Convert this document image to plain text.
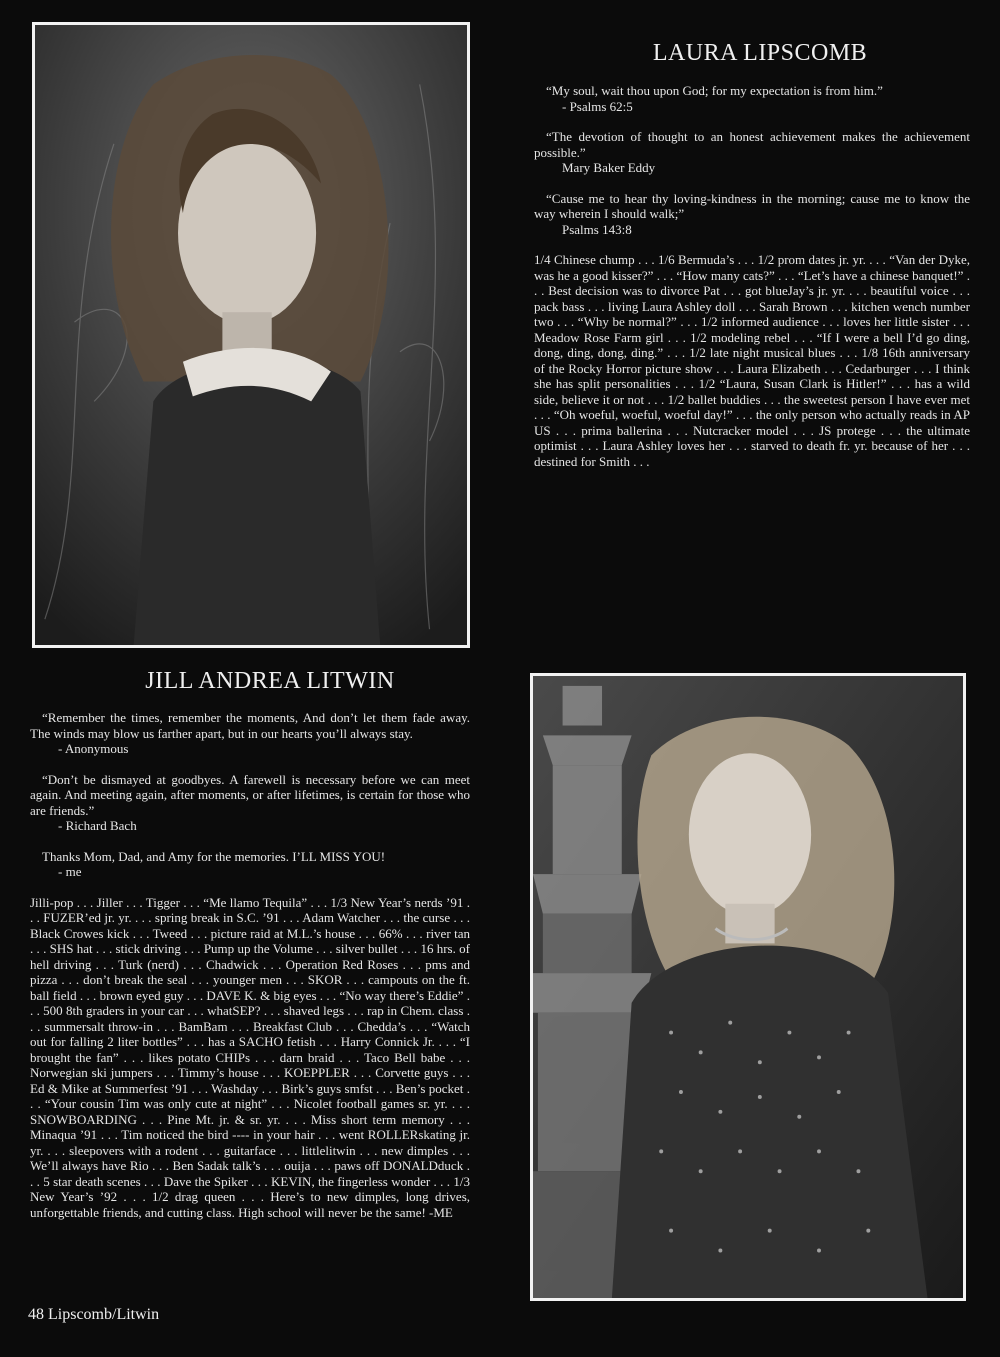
LAURA LIPSCOMB

“My soul, wait thou upon God; for my expectation is from him.”
- Psalms 62:5

“The devotion of thought to an honest achievement makes the achievement possible.”
Mary Baker Eddy

“Cause me to hear thy loving-kindness in the morning; cause me to know the way wherein I should walk;”
Psalms 143:8

1/4 Chinese chump . . . 1/6 Bermuda’s . . . 1/2 prom dates jr. yr. . . . “Van der Dyke, was he a good kisser?” . . . “How many cats?” . . . “Let’s have a chinese banquet!” . . . Best decision was to divorce Pat . . . got blueJay’s jr. yr. . . . beautiful voice . . . pack bass . . . living Laura Ashley doll . . . Sarah Brown . . . kitchen wench number two . . . “Why be normal?” . . . 1/2 informed audience . . . loves her little sister . . . Meadow Rose Farm girl . . . 1/2 modeling rebel . . . “If I were a bell I’d go ding, dong, ding, dong, ding.” . . . 1/2 late night musical blues . . . 1/8 16th anniversary of the Rocky Horror picture show . . . Laura Elizabeth . . . Cedarburger . . . I think she has split personalities . . . 1/2 “Laura, Susan Clark is Hitler!” . . . has a wild side, believe it or not . . . 1/2 ballet buddies . . . the sweetest person I have ever met . . . “Oh woeful, woeful, woeful day!” . . . the only person who actually reads in AP US . . . prima ballerina . . . Nutcracker model . . . JS protege . . . the ultimate optimist . . . Laura Ashley loves her . . . starved to death fr. yr. because of her . . . destined for Smith . . .

JILL ANDREA LITWIN

“Remember the times, remember the moments, And don’t let them fade away. The winds may blow us farther apart, but in our hearts you’ll always stay.
- Anonymous

“Don’t be dismayed at goodbyes. A farewell is necessary before we can meet again. And meeting again, after moments, or after lifetimes, is certain for those who are friends.”
- Richard Bach

Thanks Mom, Dad, and Amy for the memories. I’LL MISS YOU!
- me

Jilli-pop . . . Jiller . . . Tigger . . . “Me llamo Tequila” . . . 1/3 New Year’s nerds ’91 . . . FUZER’ed jr. yr. . . . spring break in S.C. ’91 . . . Adam Watcher . . . the curse . . . Black Crowes kick . . . Tweed . . . picture raid at M.L.’s house . . . 66% . . . river tan . . . SHS hat . . . stick driving . . . Pump up the Volume . . . silver bullet . . . 16 hrs. of hell driving . . . Turk (nerd) . . . Chadwick . . . Operation Red Roses . . . pms and pizza . . . don’t break the seal . . . younger men . . . SKOR . . . campouts on the ft. ball field . . . brown eyed guy . . . DAVE K. & big eyes . . . “No way there’s Eddie” . . . 500 8th graders in your car . . . whatSEP? . . . shaved legs . . . rap in Chem. class . . . summersalt throw-in . . . BamBam . . . Breakfast Club . . . Chedda’s . . . “Watch out for falling 2 liter bottles” . . . has a SACHO fetish . . . Harry Connick Jr. . . . “I brought the fan” . . . likes potato CHIPs . . . darn braid . . . Taco Bell babe . . . Norwegian ski jumpers . . . Timmy’s house . . . KOEPPLER . . . Corvette guys . . . Ed & Mike at Summerfest ’91 . . . Washday . . . Birk’s guys smfst . . . Ben’s pocket . . . “Your cousin Tim was only cute at night” . . . Nicolet football games sr. yr. . . . SNOWBOARDING . . . Pine Mt. jr. & sr. yr. . . . Miss short term memory . . . Minaqua ’91 . . . Tim noticed the bird ---- in your hair . . . went ROLLERskating jr. yr. . . . sleepovers with a rodent . . . guitarface . . . littlelitwin . . . new dimples . . . We’ll always have Rio . . . Ben Sadak talk’s . . . ouija . . . paws off DONALDduck . . . 5 star death scenes . . . Dave the Spiker . . . KEVIN, the fingerless wonder . . . 1/3 New Year’s ’92 . . . 1/2 drag queen . . . Here’s to new dimples, long drives, unforgettable friends, and cutting class. High school will never be the same! -ME

48 Lipscomb/Litwin
